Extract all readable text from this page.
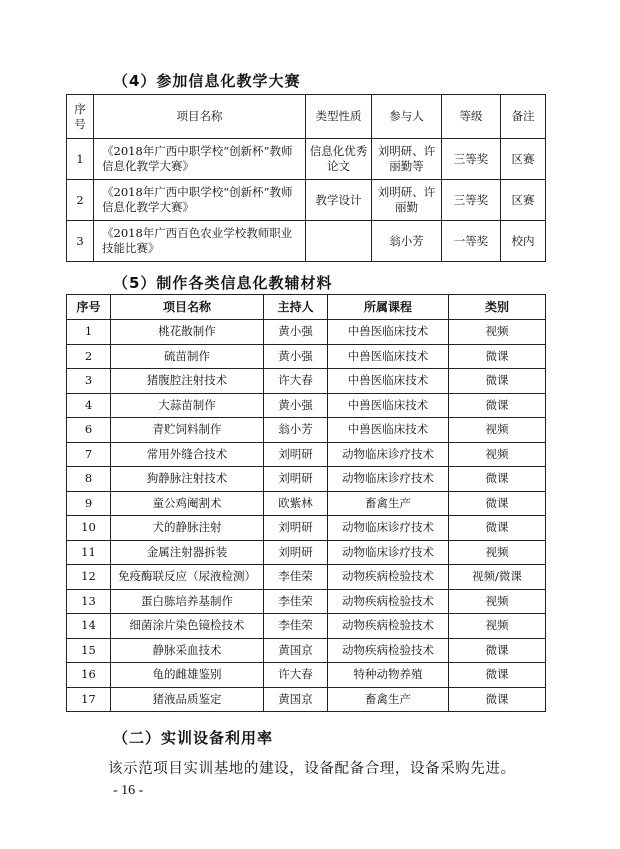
（4）参加信息化教学大赛
序号	项目名称	类型性质	参与人	等级	备注
1	《2018年广西中职学校“创新杯”教师信息化教学大赛》	信息化优秀论文	刘明研、许丽勤等	三等奖	区赛
2	《2018年广西中职学校“创新杯”教师信息化教学大赛》	教学设计	刘明研、许丽勤	三等奖	区赛
3	《2018年广西百色农业学校教师职业技能比赛》		翁小芳	一等奖	校内
（5）制作各类信息化教辅材料
序号	项目名称	主持人	所属课程	类别
1	桃花散制作	黄小强	中兽医临床技术	视频
2	硫苗制作	黄小强	中兽医临床技术	微课
3	猪腹腔注射技术	许大春	中兽医临床技术	微课
4	大蒜苗制作	黄小强	中兽医临床技术	微课
6	青贮饲料制作	翁小芳	中兽医临床技术	视频
7	常用外缝合技术	刘明研	动物临床诊疗技术	视频
8	狗静脉注射技术	刘明研	动物临床诊疗技术	微课
9	童公鸡阉割术	欧紫林	畜禽生产	微课
10	犬的静脉注射	刘明研	动物临床诊疗技术	微课
11	金属注射器拆装	刘明研	动物临床诊疗技术	视频
12	免疫酶联反应（尿液检测）	李佳荣	动物疾病检验技术	视频/微课
13	蛋白胨培养基制作	李佳荣	动物疾病检验技术	视频
14	细菌涂片染色镜检技术	李佳荣	动物疾病检验技术	视频
15	静脉采血技术	黄国京	动物疾病检验技术	微课
16	龟的雌雄鉴别	许大春	特种动物养殖	微课
17	猪液品质鉴定	黄国京	畜禽生产	微课
（二）实训设备利用率
该示范项目实训基地的建设，设备配备合理，设备采购先进。
- 16 -
